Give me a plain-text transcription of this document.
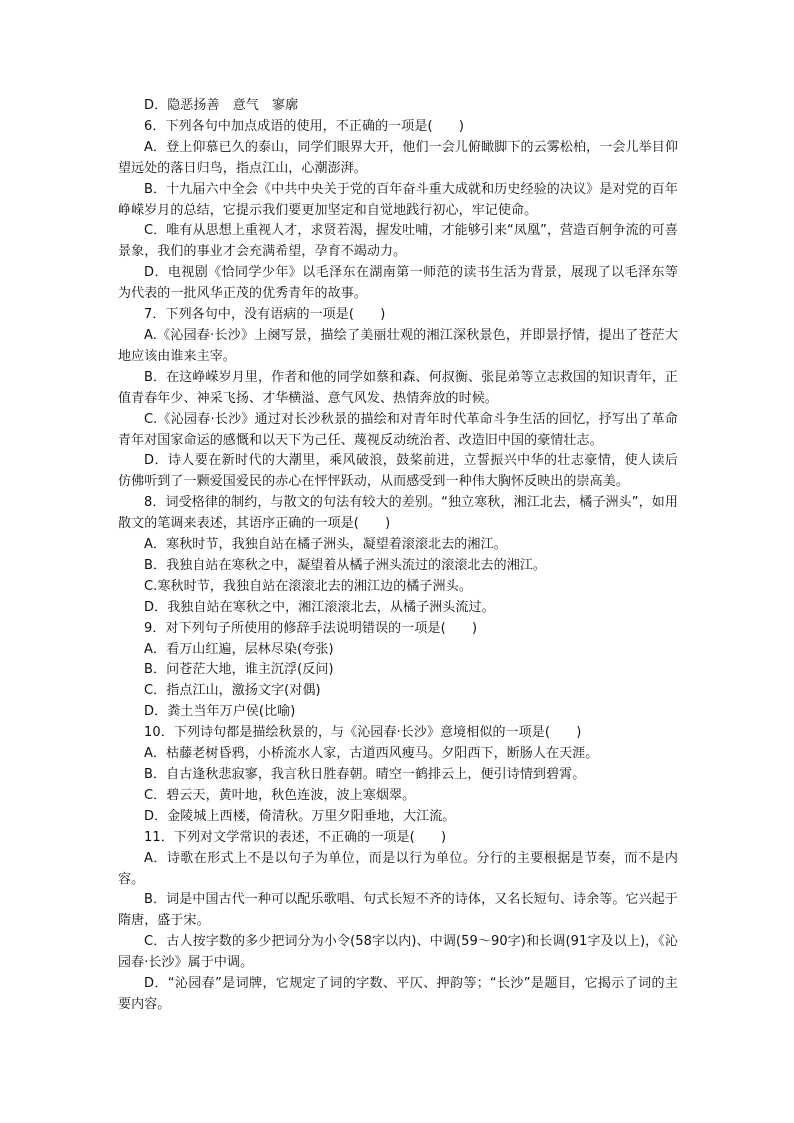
D．隐恶扬善　意气　寥廓

6．下列各句中加点成语的使用，不正确的一项是(　　)

A．登上仰慕已久的泰山，同学们眼界大开，他们一会儿俯瞰脚下的云雾松柏，一会儿举目仰望远处的落日归鸟，指点江山，心潮澎湃。

B．十九届六中全会《中共中央关于党的百年奋斗重大成就和历史经验的决议》是对党的百年峥嵘岁月的总结，它提示我们要更加坚定和自觉地践行初心，牢记使命。

C．唯有从思想上重视人才，求贤若渴，握发吐哺，才能够引来“凤凰”，营造百舸争流的可喜景象，我们的事业才会充满希望，孕育不竭动力。

D．电视剧《恰同学少年》以毛泽东在湖南第一师范的读书生活为背景，展现了以毛泽东等为代表的一批风华正茂的优秀青年的故事。

7．下列各句中，没有语病的一项是(　　)

A.《沁园春·长沙》上阕写景，描绘了美丽壮观的湘江深秋景色，并即景抒情，提出了苍茫大地应该由谁来主宰。

B．在这峥嵘岁月里，作者和他的同学如蔡和森、何叔衡、张昆弟等立志救国的知识青年，正值青春年少、神采飞扬、才华横溢、意气风发、热情奔放的时候。

C.《沁园春·长沙》通过对长沙秋景的描绘和对青年时代革命斗争生活的回忆，抒写出了革命青年对国家命运的感慨和以天下为己任、蔑视反动统治者、改造旧中国的豪情壮志。

D．诗人要在新时代的大潮里，乘风破浪，鼓桨前进，立誓振兴中华的壮志豪情，使人读后仿佛听到了一颗爱国爱民的赤心在怦怦跃动，从而感受到一种伟大胸怀反映出的崇高美。

8．词受格律的制约，与散文的句法有较大的差别。“独立寒秋，湘江北去，橘子洲头”，如用散文的笔调来表述，其语序正确的一项是(　　)

A．寒秋时节，我独自站在橘子洲头，凝望着滚滚北去的湘江。

B．我独自站在寒秋之中，凝望着从橘子洲头流过的滚滚北去的湘江。

C.寒秋时节，我独自站在滚滚北去的湘江边的橘子洲头。

D．我独自站在寒秋之中，湘江滚滚北去，从橘子洲头流过。

9．对下列句子所使用的修辞手法说明错误的一项是(　　)

A．看万山红遍，层林尽染(夸张)

B．问苍茫大地，谁主沉浮(反问)

C．指点江山，激扬文字(对偶)

D．粪土当年万户侯(比喻)

10．下列诗句都是描绘秋景的，与《沁园春·长沙》意境相似的一项是(　　)

A．枯藤老树昏鸦，小桥流水人家，古道西风瘦马。夕阳西下，断肠人在天涯。

B．自古逢秋悲寂寥，我言秋日胜春朝。晴空一鹤排云上，便引诗情到碧霄。

C．碧云天，黄叶地，秋色连波，波上寒烟翠。

D．金陵城上西楼，倚清秋。万里夕阳垂地，大江流。

11．下列对文学常识的表述，不正确的一项是(　　)

A．诗歌在形式上不是以句子为单位，而是以行为单位。分行的主要根据是节奏，而不是内容。

B．词是中国古代一种可以配乐歌唱、句式长短不齐的诗体，又名长短句、诗余等。它兴起于隋唐，盛于宋。

C．古人按字数的多少把词分为小令(58字以内)、中调(59～90字)和长调(91字及以上)，《沁园春·长沙》属于中调。

D．“沁园春”是词牌，它规定了词的字数、平仄、押韵等；“长沙”是题目，它揭示了词的主要内容。
